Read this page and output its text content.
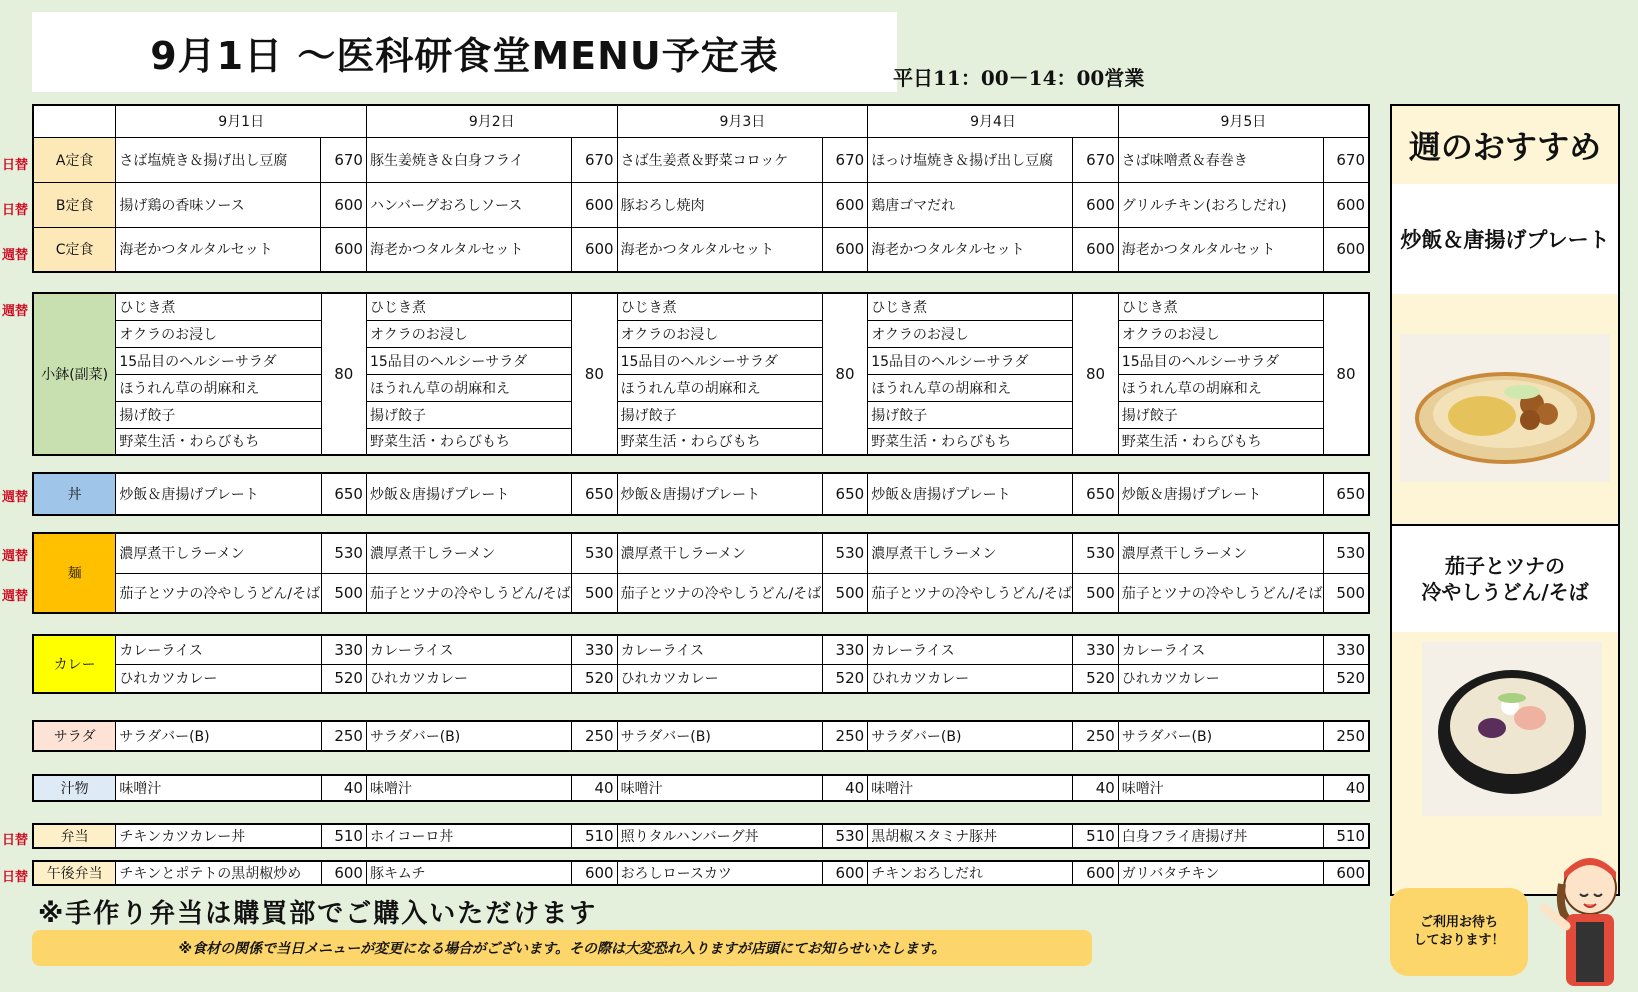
9月1日 ～医科研食堂MENU予定表
平日11：00－14：00営業
	9月1日		9月2日		9月3日		9月4日		9月5日	
A定食	さば塩焼き＆揚げ出し豆腐	670	豚生姜焼き＆白身フライ	670	さば生姜煮＆野菜コロッケ	670	ほっけ塩焼き＆揚げ出し豆腐	670	さば味噌煮＆春巻き	670
B定食	揚げ鶏の香味ソース	600	ハンバーグおろしソース	600	豚おろし焼肉	600	鶏唐ゴマだれ	600	グリルチキン(おろしだれ)	600
C定食	海老かつタルタルセット	600	海老かつタルタルセット	600	海老かつタルタルセット	600	海老かつタルタルセット	600	海老かつタルタルセット	600
日替
日替
週替
小鉢(副菜)	ひじき煮	80	ひじき煮	80	ひじき煮	80	ひじき煮	80	ひじき煮	80
	オクラのお浸し		オクラのお浸し		オクラのお浸し		オクラのお浸し		オクラのお浸し	
	15品目のヘルシーサラダ		15品目のヘルシーサラダ		15品目のヘルシーサラダ		15品目のヘルシーサラダ		15品目のヘルシーサラダ	
	ほうれん草の胡麻和え		ほうれん草の胡麻和え		ほうれん草の胡麻和え		ほうれん草の胡麻和え		ほうれん草の胡麻和え	
	揚げ餃子		揚げ餃子		揚げ餃子		揚げ餃子		揚げ餃子	
	野菜生活・わらびもち		野菜生活・わらびもち		野菜生活・わらびもち		野菜生活・わらびもち		野菜生活・わらびもち	
週替
丼	炒飯＆唐揚げプレート	650	炒飯＆唐揚げプレート	650	炒飯＆唐揚げプレート	650	炒飯＆唐揚げプレート	650	炒飯＆唐揚げプレート	650
週替
麺	濃厚煮干しラーメン	530	濃厚煮干しラーメン	530	濃厚煮干しラーメン	530	濃厚煮干しラーメン	530	濃厚煮干しラーメン	530
	茄子とツナの冷やしうどん/そば	500	茄子とツナの冷やしうどん/そば	500	茄子とツナの冷やしうどん/そば	500	茄子とツナの冷やしうどん/そば	500	茄子とツナの冷やしうどん/そば	500
週替
週替
カレー	カレーライス	330	カレーライス	330	カレーライス	330	カレーライス	330	カレーライス	330
	ひれカツカレー	520	ひれカツカレー	520	ひれカツカレー	520	ひれカツカレー	520	ひれカツカレー	520
サラダ	サラダバー(B)	250	サラダバー(B)	250	サラダバー(B)	250	サラダバー(B)	250	サラダバー(B)	250
汁物	味噌汁	40	味噌汁	40	味噌汁	40	味噌汁	40	味噌汁	40
弁当	チキンカツカレー丼	510	ホイコーロ丼	510	照りタルハンバーグ丼	530	黒胡椒スタミナ豚丼	510	白身フライ唐揚げ丼	510
日替
午後弁当	チキンとポテトの黒胡椒炒め	600	豚キムチ	600	おろしロースカツ	600	チキンおろしだれ	600	ガリバタチキン	600
日替
週のおすすめ
炒飯＆唐揚げプレート
茄子とツナの
冷やしうどん/そば
※手作り弁当は購買部でご購入いただけます
※食材の関係で当日メニューが変更になる場合がございます。その際は大変恐れ入りますが店頭にてお知らせいたします。
ご利用お待ち
しております！
